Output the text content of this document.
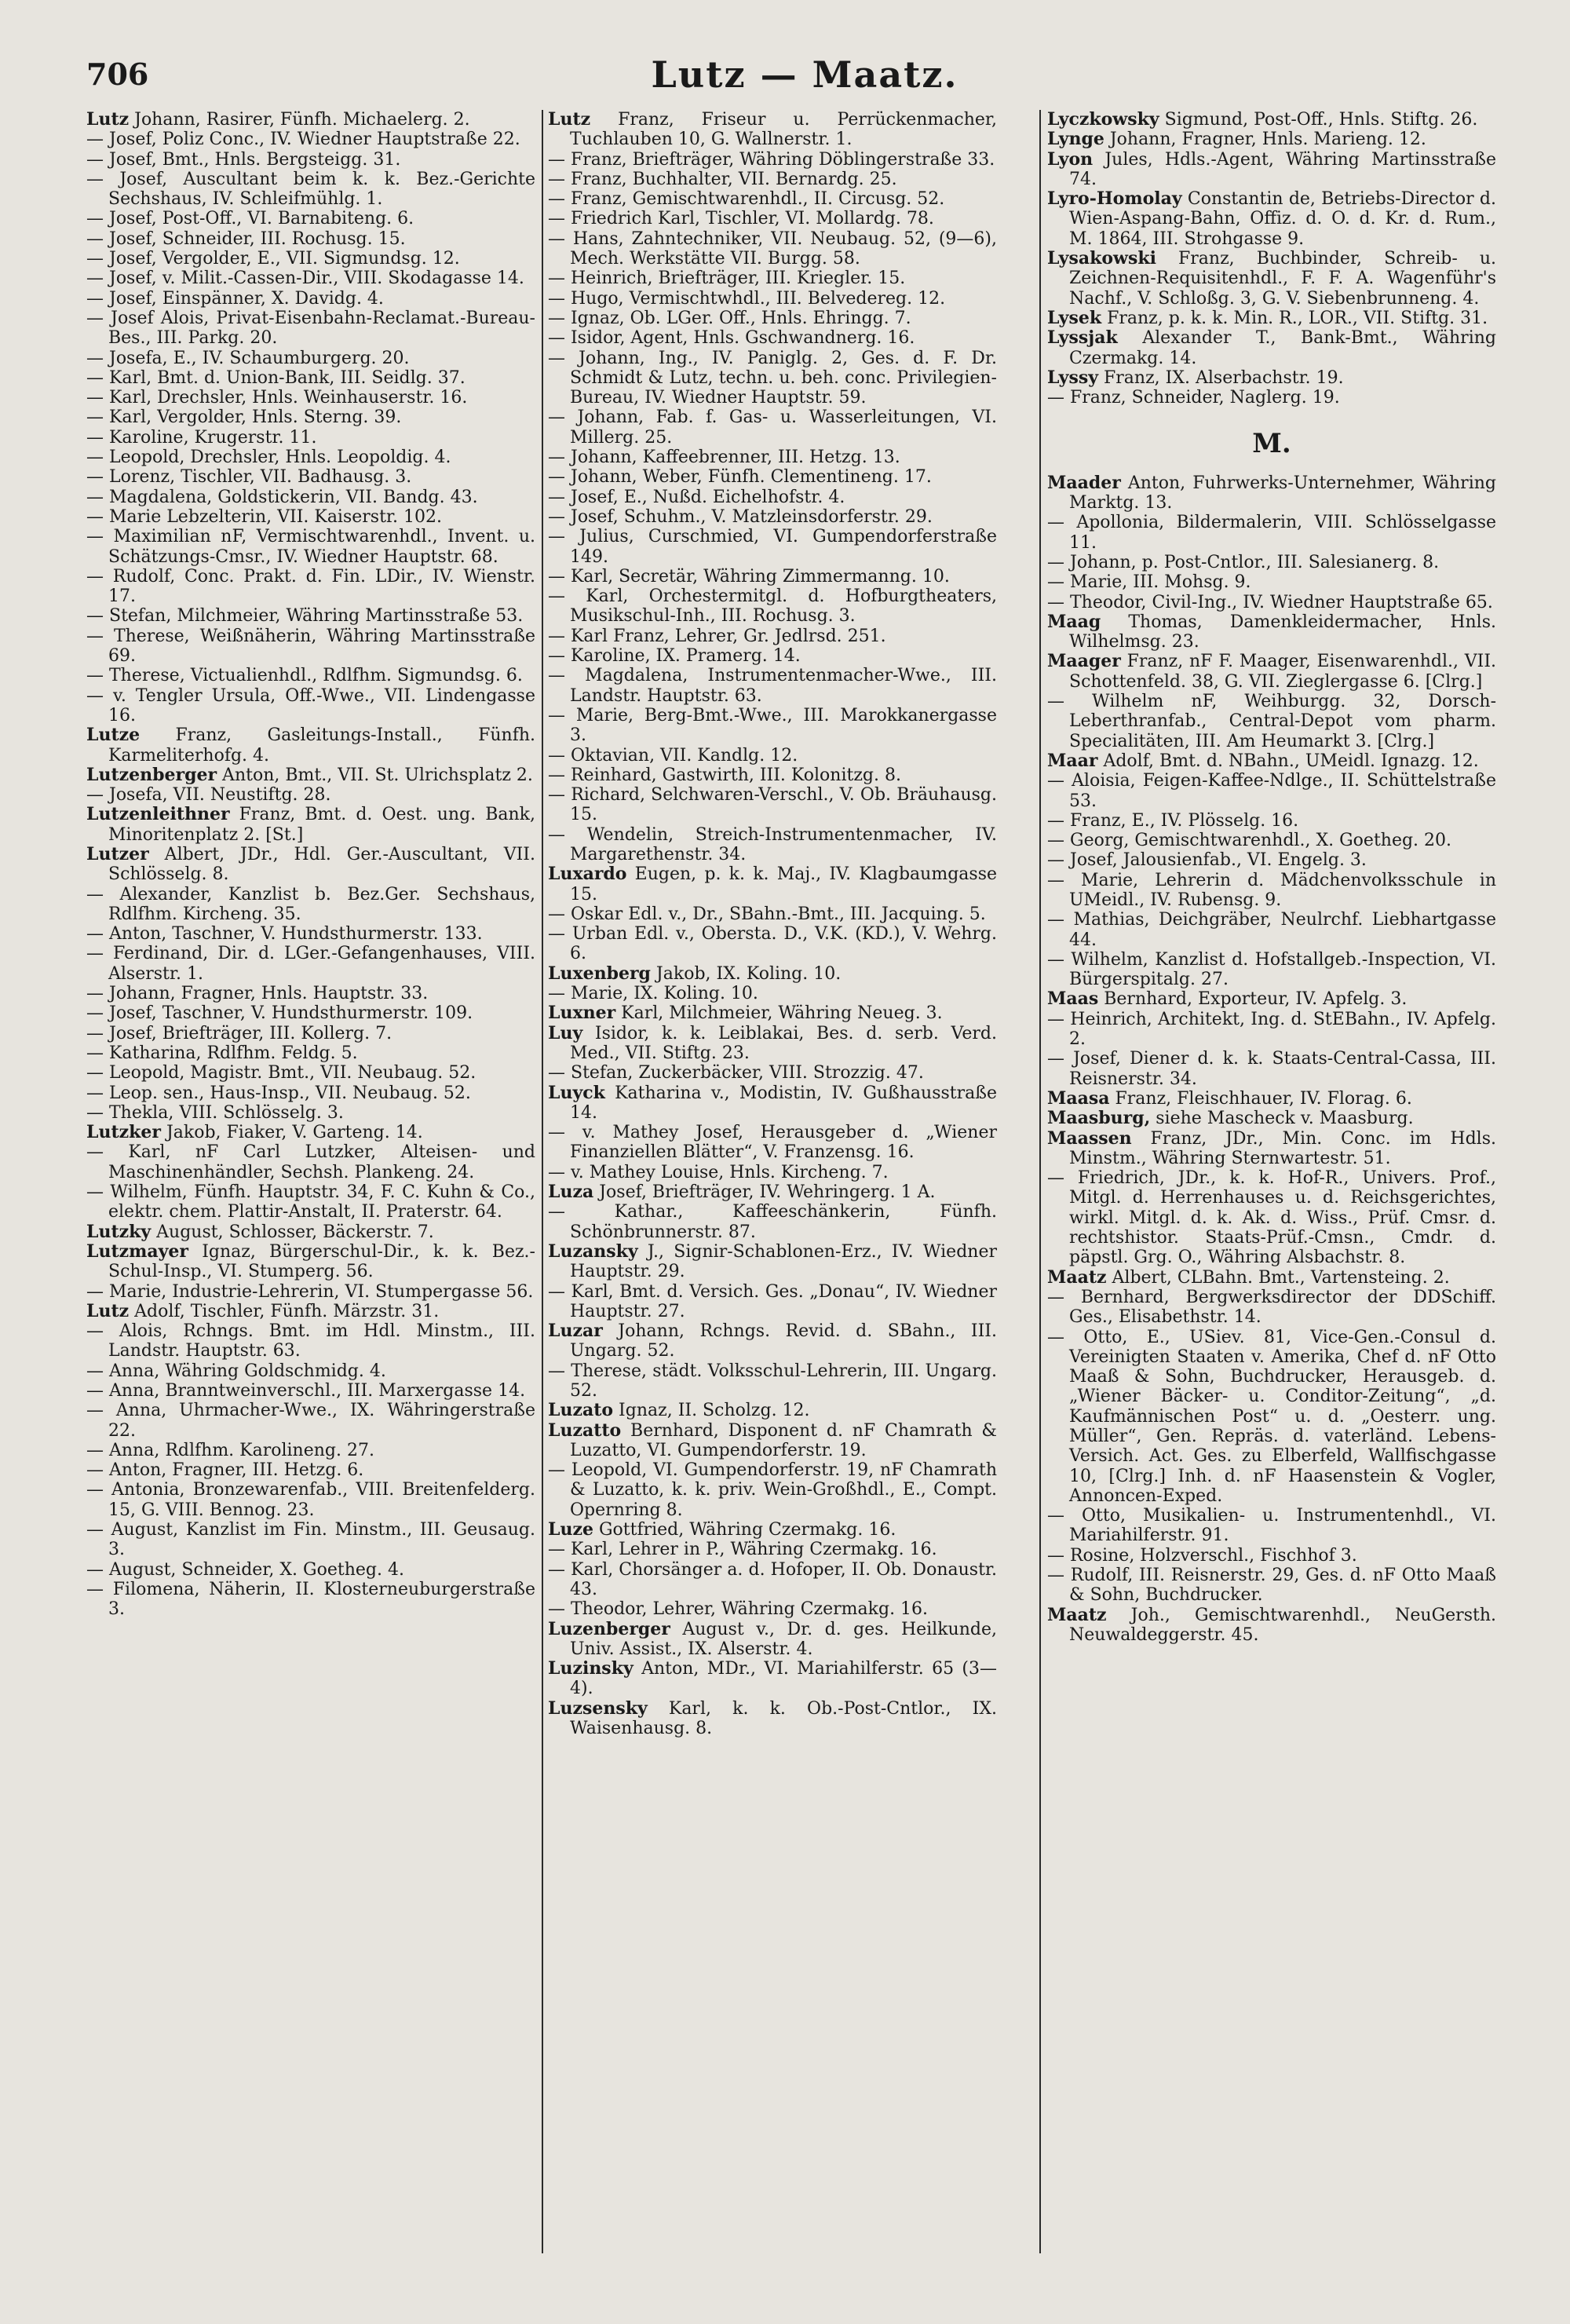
706	Lutz — Maatz.

Lutz Johann, Rasirer, Fünfh. Michaelerg. 2.

— Josef, Poliz Conc., IV. Wiedner Hauptstraße 22.

— Josef, Bmt., Hnls. Bergsteigg. 31.

— Josef, Auscultant beim k. k. Bez.-Gerichte Sechshaus, IV. Schleifmühlg. 1.

— Josef, Post-Off., VI. Barnabiteng. 6.

— Josef, Schneider, III. Rochusg. 15.

— Josef, Vergolder, E., VII. Sigmundsg. 12.

— Josef, v. Milit.-Cassen-Dir., VIII. Skodagasse 14.

— Josef, Einspänner, X. Davidg. 4.

— Josef Alois, Privat-Eisenbahn-Reclamat.-Bureau-Bes., III. Parkg. 20.

— Josefa, E., IV. Schaumburgerg. 20.

— Karl, Bmt. d. Union-Bank, III. Seidlg. 37.

— Karl, Drechsler, Hnls. Weinhauserstr. 16.

— Karl, Vergolder, Hnls. Sterng. 39.

— Karoline, Krugerstr. 11.

— Leopold, Drechsler, Hnls. Leopoldig. 4.

— Lorenz, Tischler, VII. Badhausg. 3.

— Magdalena, Goldstickerin, VII. Bandg. 43.

— Marie Lebzelterin, VII. Kaiserstr. 102.

— Maximilian nF, Vermischtwarenhdl., Invent. u. Schätzungs-Cmsr., IV. Wiedner Hauptstr. 68.

— Rudolf, Conc. Prakt. d. Fin. LDir., IV. Wienstr. 17.

— Stefan, Milchmeier, Währing Martinsstraße 53.

— Therese, Weißnäherin, Währing Martinsstraße 69.

— Therese, Victualienhdl., Rdlfhm. Sigmundsg. 6.

— v. Tengler Ursula, Off.-Wwe., VII. Lindengasse 16.

Lutze Franz, Gasleitungs-Install., Fünfh. Karmeliterhofg. 4.

Lutzenberger Anton, Bmt., VII. St. Ulrichsplatz 2.

— Josefa, VII. Neustiftg. 28.

Lutzenleithner Franz, Bmt. d. Oest. ung. Bank, Minoritenplatz 2. [St.]

Lutzer Albert, JDr., Hdl. Ger.-Auscultant, VII. Schlösselg. 8.

— Alexander, Kanzlist b. Bez.Ger. Sechshaus, Rdlfhm. Kircheng. 35.

— Anton, Taschner, V. Hundsthurmerstr. 133.

— Ferdinand, Dir. d. LGer.-Gefangenhauses, VIII. Alserstr. 1.

— Johann, Fragner, Hnls. Hauptstr. 33.

— Josef, Taschner, V. Hundsthurmerstr. 109.

— Josef, Briefträger, III. Kollerg. 7.

— Katharina, Rdlfhm. Feldg. 5.

— Leopold, Magistr. Bmt., VII. Neubaug. 52.

— Leop. sen., Haus-Insp., VII. Neubaug. 52.

— Thekla, VIII. Schlösselg. 3.

Lutzker Jakob, Fiaker, V. Garteng. 14.

— Karl, nF Carl Lutzker, Alteisen- und Maschinenhändler, Sechsh. Plankeng. 24.

— Wilhelm, Fünfh. Hauptstr. 34, F. C. Kuhn & Co., elektr. chem. Plattir-Anstalt, II. Praterstr. 64.

Lutzky August, Schlosser, Bäckerstr. 7.

Lutzmayer Ignaz, Bürgerschul-Dir., k. k. Bez.-Schul-Insp., VI. Stumperg. 56.

— Marie, Industrie-Lehrerin, VI. Stumpergasse 56.

Lutz Adolf, Tischler, Fünfh. Märzstr. 31.

— Alois, Rchngs. Bmt. im Hdl. Minstm., III. Landstr. Hauptstr. 63.

— Anna, Währing Goldschmidg. 4.

— Anna, Branntweinverschl., III. Marxergasse 14.

— Anna, Uhrmacher-Wwe., IX. Währingerstraße 22.

— Anna, Rdlfhm. Karolineng. 27.

— Anton, Fragner, III. Hetzg. 6.

— Antonia, Bronzewarenfab., VIII. Breitenfelderg. 15, G. VIII. Bennog. 23.

— August, Kanzlist im Fin. Minstm., III. Geusaug. 3.

— August, Schneider, X. Goetheg. 4.

— Filomena, Näherin, II. Klosterneuburgerstraße 3.

Lutz Franz, Friseur u. Perrückenmacher, Tuchlauben 10, G. Wallnerstr. 1.

— Franz, Briefträger, Währing Döblingerstraße 33.

— Franz, Buchhalter, VII. Bernardg. 25.

— Franz, Gemischtwarenhdl., II. Circusg. 52.

— Friedrich Karl, Tischler, VI. Mollardg. 78.

— Hans, Zahntechniker, VII. Neubaug. 52, (9—6), Mech. Werkstätte VII. Burgg. 58.

— Heinrich, Briefträger, III. Kriegler. 15.

— Hugo, Vermischtwhdl., III. Belvedereg. 12.

— Ignaz, Ob. LGer. Off., Hnls. Ehringg. 7.

— Isidor, Agent, Hnls. Gschwandnerg. 16.

— Johann, Ing., IV. Paniglg. 2, Ges. d. F. Dr. Schmidt & Lutz, techn. u. beh. conc. Privilegien-Bureau, IV. Wiedner Hauptstr. 59.

— Johann, Fab. f. Gas- u. Wasserleitungen, VI. Millerg. 25.

— Johann, Kaffeebrenner, III. Hetzg. 13.

— Johann, Weber, Fünfh. Clementineng. 17.

— Josef, E., Nußd. Eichelhofstr. 4.

— Josef, Schuhm., V. Matzleinsdorferstr. 29.

— Julius, Curschmied, VI. Gumpendorferstraße 149.

— Karl, Secretär, Währing Zimmermanng. 10.

— Karl, Orchestermitgl. d. Hofburgtheaters, Musikschul-Inh., III. Rochusg. 3.

— Karl Franz, Lehrer, Gr. Jedlrsd. 251.

— Karoline, IX. Pramerg. 14.

— Magdalena, Instrumentenmacher-Wwe., III. Landstr. Hauptstr. 63.

— Marie, Berg-Bmt.-Wwe., III. Marokkanergasse 3.

— Oktavian, VII. Kandlg. 12.

— Reinhard, Gastwirth, III. Kolonitzg. 8.

— Richard, Selchwaren-Verschl., V. Ob. Bräuhausg. 15.

— Wendelin, Streich-Instrumentenmacher, IV. Margarethenstr. 34.

Luxardo Eugen, p. k. k. Maj., IV. Klagbaumgasse 15.

— Oskar Edl. v., Dr., SBahn.-Bmt., III. Jacquing. 5.

— Urban Edl. v., Obersta. D., V.K. (KD.), V. Wehrg. 6.

Luxenberg Jakob, IX. Koling. 10.

— Marie, IX. Koling. 10.

Luxner Karl, Milchmeier, Währing Neueg. 3.

Luy Isidor, k. k. Leiblakai, Bes. d. serb. Verd. Med., VII. Stiftg. 23.

— Stefan, Zuckerbäcker, VIII. Strozzig. 47.

Luyck Katharina v., Modistin, IV. Gußhausstraße 14.

— v. Mathey Josef, Herausgeber d. „Wiener Finanziellen Blätter“, V. Franzensg. 16.

— v. Mathey Louise, Hnls. Kircheng. 7.

Luza Josef, Briefträger, IV. Wehringerg. 1 A.

— Kathar., Kaffeeschänkerin, Fünfh. Schönbrunnerstr. 87.

Luzansky J., Signir-Schablonen-Erz., IV. Wiedner Hauptstr. 29.

— Karl, Bmt. d. Versich. Ges. „Donau“, IV. Wiedner Hauptstr. 27.

Luzar Johann, Rchngs. Revid. d. SBahn., III. Ungarg. 52.

— Therese, städt. Volksschul-Lehrerin, III. Ungarg. 52.

Luzato Ignaz, II. Scholzg. 12.

Luzatto Bernhard, Disponent d. nF Chamrath & Luzatto, VI. Gumpendorferstr. 19.

— Leopold, VI. Gumpendorferstr. 19, nF Chamrath & Luzatto, k. k. priv. Wein-Großhdl., E., Compt. Opernring 8.

Luze Gottfried, Währing Czermakg. 16.

— Karl, Lehrer in P., Währing Czermakg. 16.

— Karl, Chorsänger a. d. Hofoper, II. Ob. Donaustr. 43.

— Theodor, Lehrer, Währing Czermakg. 16.

Luzenberger August v., Dr. d. ges. Heilkunde, Univ. Assist., IX. Alserstr. 4.

Luzinsky Anton, MDr., VI. Mariahilferstr. 65 (3—4).

Luzsensky Karl, k. k. Ob.-Post-Cntlor., IX. Waisenhausg. 8.

Lyczkowsky Sigmund, Post-Off., Hnls. Stiftg. 26.

Lynge Johann, Fragner, Hnls. Marieng. 12.

Lyon Jules, Hdls.-Agent, Währing Martinsstraße 74.

Lyro-Homolay Constantin de, Betriebs-Director d. Wien-Aspang-Bahn, Offiz. d. O. d. Kr. d. Rum., M. 1864, III. Strohgasse 9.

Lysakowski Franz, Buchbinder, Schreib- u. Zeichnen-Requisitenhdl., F. F. A. Wagenführ's Nachf., V. Schloßg. 3, G. V. Siebenbrunneng. 4.

Lysek Franz, p. k. k. Min. R., LOR., VII. Stiftg. 31.

Lyssjak Alexander T., Bank-Bmt., Währing Czermakg. 14.

Lyssy Franz, IX. Alserbachstr. 19.

— Franz, Schneider, Naglerg. 19.

M.

Maader Anton, Fuhrwerks-Unternehmer, Währing Marktg. 13.

— Apollonia, Bildermalerin, VIII. Schlösselgasse 11.

— Johann, p. Post-Cntlor., III. Salesianerg. 8.

— Marie, III. Mohsg. 9.

— Theodor, Civil-Ing., IV. Wiedner Hauptstraße 65.

Maag Thomas, Damenkleidermacher, Hnls. Wilhelmsg. 23.

Maager Franz, nF F. Maager, Eisenwarenhdl., VII. Schottenfeld. 38, G. VII. Zieglergasse 6. [Clrg.]

— Wilhelm nF, Weihburgg. 32, Dorsch-Leberthranfab., Central-Depot vom pharm. Specialitäten, III. Am Heumarkt 3. [Clrg.]

Maar Adolf, Bmt. d. NBahn., UMeidl. Ignazg. 12.

— Aloisia, Feigen-Kaffee-Ndlge., II. Schüttelstraße 53.

— Franz, E., IV. Plösselg. 16.

— Georg, Gemischtwarenhdl., X. Goetheg. 20.

— Josef, Jalousienfab., VI. Engelg. 3.

— Marie, Lehrerin d. Mädchenvolksschule in UMeidl., IV. Rubensg. 9.

— Mathias, Deichgräber, Neulrchf. Liebhartgasse 44.

— Wilhelm, Kanzlist d. Hofstallgeb.-Inspection, VI. Bürgerspitalg. 27.

Maas Bernhard, Exporteur, IV. Apfelg. 3.

— Heinrich, Architekt, Ing. d. StEBahn., IV. Apfelg. 2.

— Josef, Diener d. k. k. Staats-Central-Cassa, III. Reisnerstr. 34.

Maasa Franz, Fleischhauer, IV. Florag. 6.

Maasburg, siehe Mascheck v. Maasburg.

Maassen Franz, JDr., Min. Conc. im Hdls. Minstm., Währing Sternwartestr. 51.

— Friedrich, JDr., k. k. Hof-R., Univers. Prof., Mitgl. d. Herrenhauses u. d. Reichsgerichtes, wirkl. Mitgl. d. k. Ak. d. Wiss., Prüf. Cmsr. d. rechtshistor. Staats-Prüf.-Cmsn., Cmdr. d. päpstl. Grg. O., Währing Alsbachstr. 8.

Maatz Albert, CLBahn. Bmt., Vartensteing. 2.

— Bernhard, Bergwerksdirector der DDSchiff. Ges., Elisabethstr. 14.

— Otto, E., USiev. 81, Vice-Gen.-Consul d. Vereinigten Staaten v. Amerika, Chef d. nF Otto Maaß & Sohn, Buchdrucker, Herausgeb. d. „Wiener Bäcker- u. Conditor-Zeitung“, „d. Kaufmännischen Post“ u. d. „Oesterr. ung. Müller“, Gen. Repräs. d. vaterländ. Lebens-Versich. Act. Ges. zu Elberfeld, Wallfischgasse 10, [Clrg.] Inh. d. nF Haasenstein & Vogler, Annoncen-Exped.

— Otto, Musikalien- u. Instrumentenhdl., VI. Mariahilferstr. 91.

— Rosine, Holzverschl., Fischhof 3.

— Rudolf, III. Reisnerstr. 29, Ges. d. nF Otto Maaß & Sohn, Buchdrucker.

Maatz Joh., Gemischtwarenhdl., NeuGersth. Neuwaldeggerstr. 45.
